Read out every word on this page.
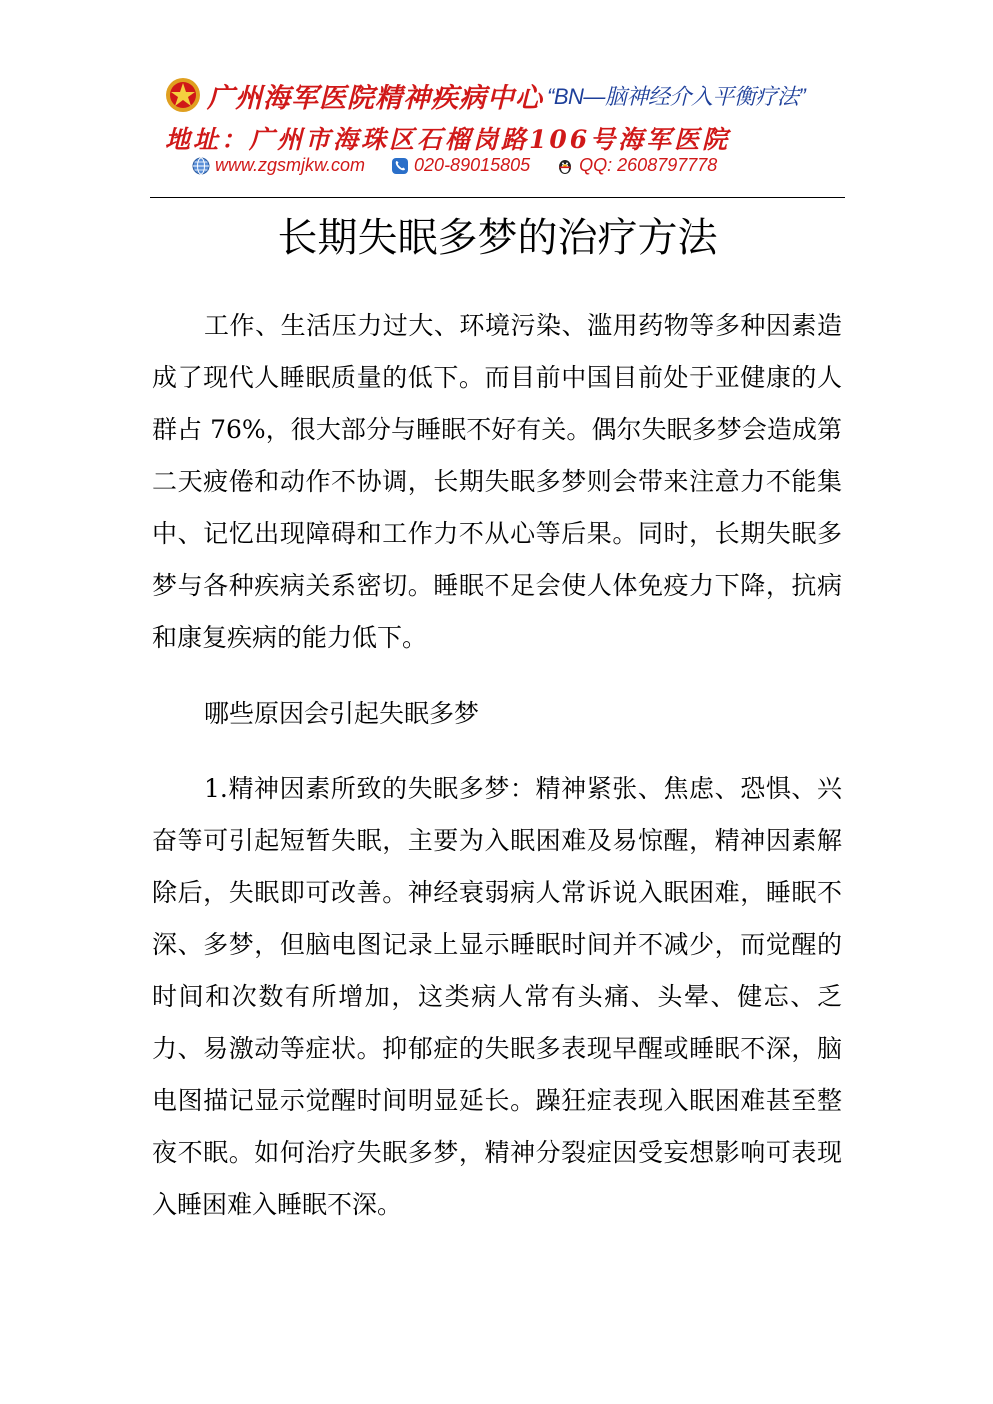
广州海军医院精神疾病中心 “BN—脑神经介入平衡疗法”
地址：广州市海珠区石榴岗路106号海军医院
www.zgsmjkw.com	020-89015805	QQ: 2608797778
长期失眠多梦的治疗方法

工作、生活压力过大、环境污染、滥用药物等多种因素造成了现代人睡眠质量的低下。而目前中国目前处于亚健康的人群占 76%，很大部分与睡眠不好有关。偶尔失眠多梦会造成第二天疲倦和动作不协调，长期失眠多梦则会带来注意力不能集中、记忆出现障碍和工作力不从心等后果。同时，长期失眠多梦与各种疾病关系密切。睡眠不足会使人体免疫力下降，抗病和康复疾病的能力低下。

哪些原因会引起失眠多梦

1.精神因素所致的失眠多梦：精神紧张、焦虑、恐惧、兴奋等可引起短暂失眠，主要为入眠困难及易惊醒，精神因素解除后，失眠即可改善。神经衰弱病人常诉说入眠困难，睡眠不深、多梦，但脑电图记录上显示睡眠时间并不减少，而觉醒的时间和次数有所增加，这类病人常有头痛、头晕、健忘、乏力、易激动等症状。抑郁症的失眠多表现早醒或睡眠不深，脑电图描记显示觉醒时间明显延长。躁狂症表现入眠困难甚至整夜不眠。如何治疗失眠多梦，精神分裂症因受妄想影响可表现入睡困难入睡眠不深。
